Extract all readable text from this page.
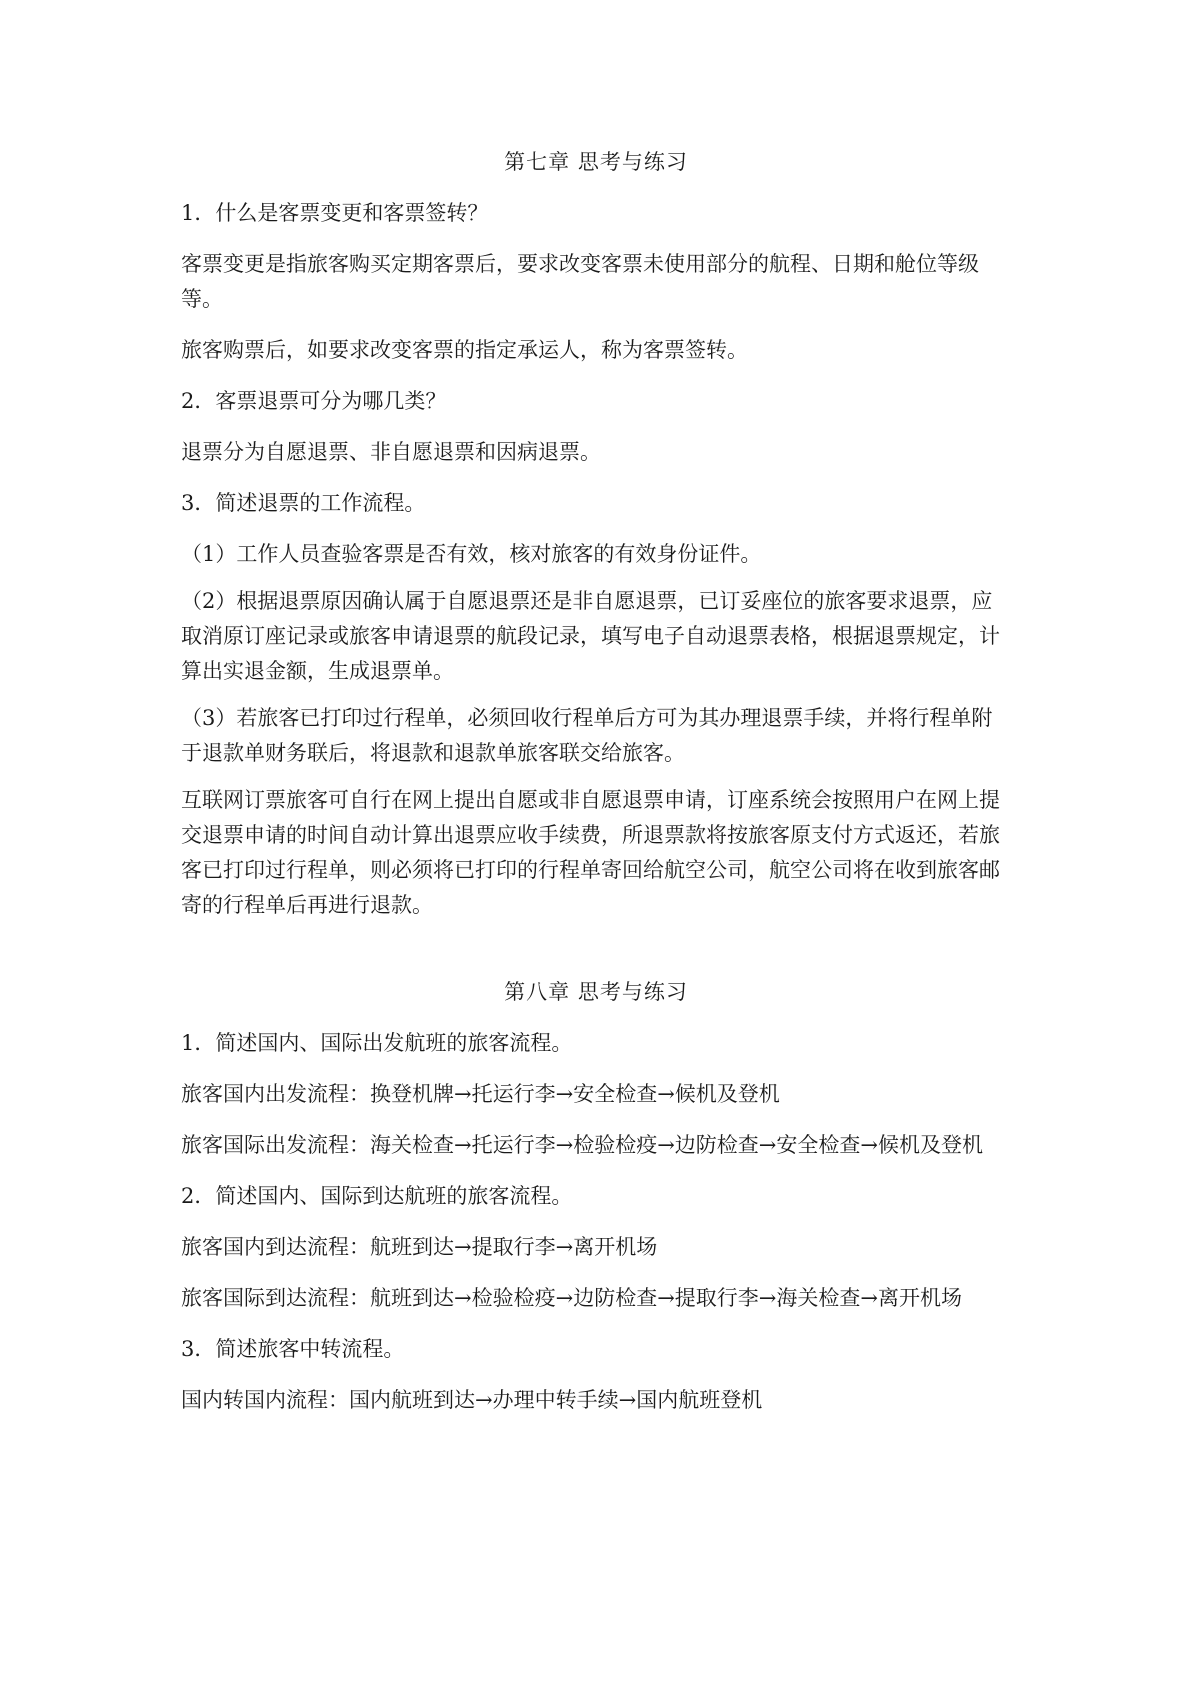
第七章 思考与练习

1．什么是客票变更和客票签转？

客票变更是指旅客购买定期客票后，要求改变客票未使用部分的航程、日期和舱位等级等。

旅客购票后，如要求改变客票的指定承运人，称为客票签转。

2．客票退票可分为哪几类？

退票分为自愿退票、非自愿退票和因病退票。

3．简述退票的工作流程。

（1）工作人员查验客票是否有效，核对旅客的有效身份证件。

（2）根据退票原因确认属于自愿退票还是非自愿退票，已订妥座位的旅客要求退票，应取消原订座记录或旅客申请退票的航段记录，填写电子自动退票表格，根据退票规定，计算出实退金额，生成退票单。

（3）若旅客已打印过行程单，必须回收行程单后方可为其办理退票手续，并将行程单附于退款单财务联后，将退款和退款单旅客联交给旅客。

互联网订票旅客可自行在网上提出自愿或非自愿退票申请，订座系统会按照用户在网上提交退票申请的时间自动计算出退票应收手续费，所退票款将按旅客原支付方式返还，若旅客已打印过行程单，则必须将已打印的行程单寄回给航空公司，航空公司将在收到旅客邮寄的行程单后再进行退款。

第八章 思考与练习

1．简述国内、国际出发航班的旅客流程。

旅客国内出发流程：换登机牌→托运行李→安全检查→候机及登机

旅客国际出发流程：海关检查→托运行李→检验检疫→边防检查→安全检查→候机及登机

2．简述国内、国际到达航班的旅客流程。

旅客国内到达流程：航班到达→提取行李→离开机场

旅客国际到达流程：航班到达→检验检疫→边防检查→提取行李→海关检查→离开机场

3．简述旅客中转流程。

国内转国内流程：国内航班到达→办理中转手续→国内航班登机
